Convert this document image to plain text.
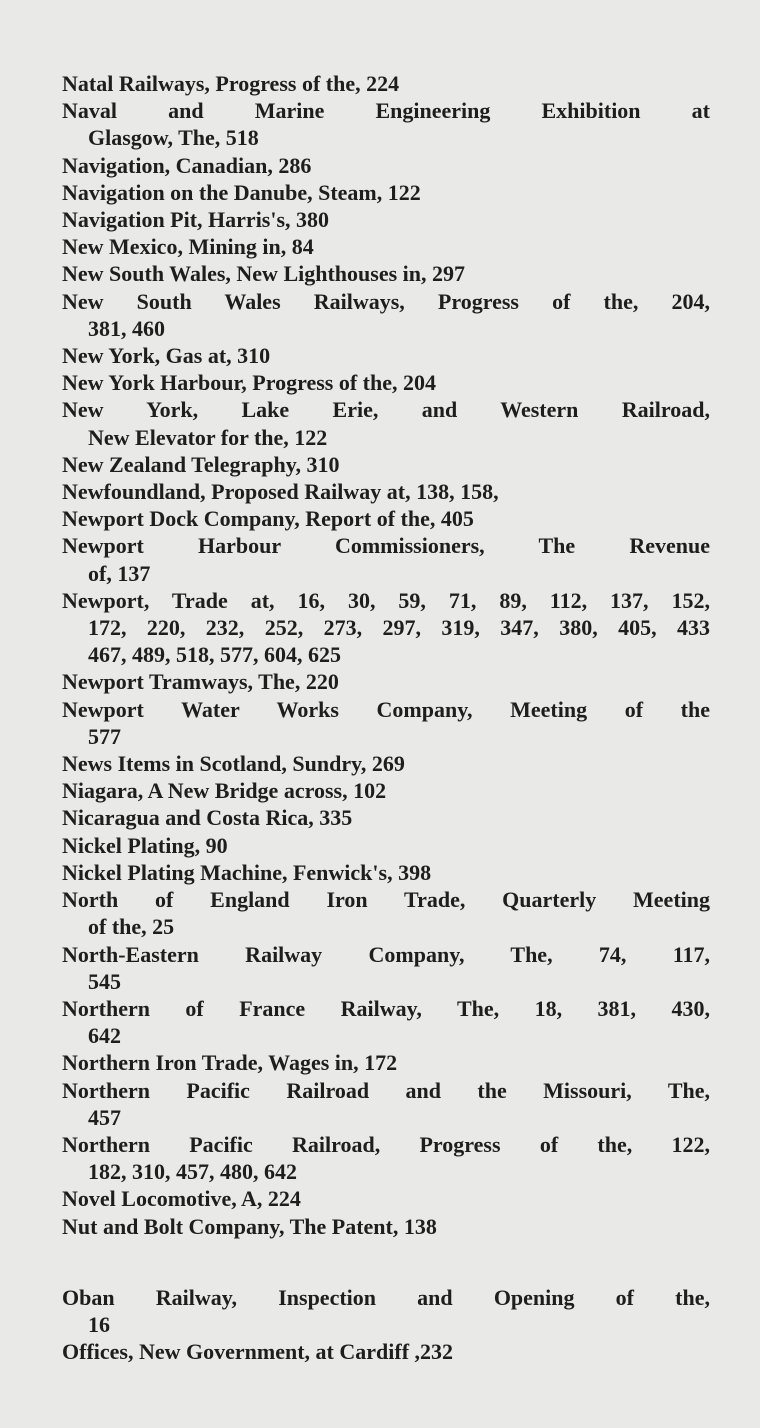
Natal Railways, Progress of the, 224
Naval and Marine Engineering Exhibition at
Glasgow, The, 518
Navigation, Canadian, 286
Navigation on the Danube, Steam, 122
Navigation Pit, Harris's, 380
New Mexico, Mining in, 84
New South Wales, New Lighthouses in, 297
New South Wales Railways, Progress of the, 204,
381, 460
New York, Gas at, 310
New York Harbour, Progress of the, 204
New York, Lake Erie, and Western Railroad,
New Elevator for the, 122
New Zealand Telegraphy, 310
Newfoundland, Proposed Railway at, 138, 158,
Newport Dock Company, Report of the, 405
Newport Harbour Commissioners, The Revenue
of, 137
Newport, Trade at, 16, 30, 59, 71, 89, 112, 137, 152,
172, 220, 232, 252, 273, 297, 319, 347, 380, 405, 433
467, 489, 518, 577, 604, 625
Newport Tramways, The, 220
Newport Water Works Company, Meeting of the
577
News Items in Scotland, Sundry, 269
Niagara, A New Bridge across, 102
Nicaragua and Costa Rica, 335
Nickel Plating, 90
Nickel Plating Machine, Fenwick's, 398
North of England Iron Trade, Quarterly Meeting
of the, 25
North-Eastern Railway Company, The, 74, 117,
545
Northern of France Railway, The, 18, 381, 430,
642
Northern Iron Trade, Wages in, 172
Northern Pacific Railroad and the Missouri, The,
457
Northern Pacific Railroad, Progress of the, 122,
182, 310, 457, 480, 642
Novel Locomotive, A, 224
Nut and Bolt Company, The Patent, 138
Oban Railway, Inspection and Opening of the,
16
Offices, New Government, at Cardiff ,232
